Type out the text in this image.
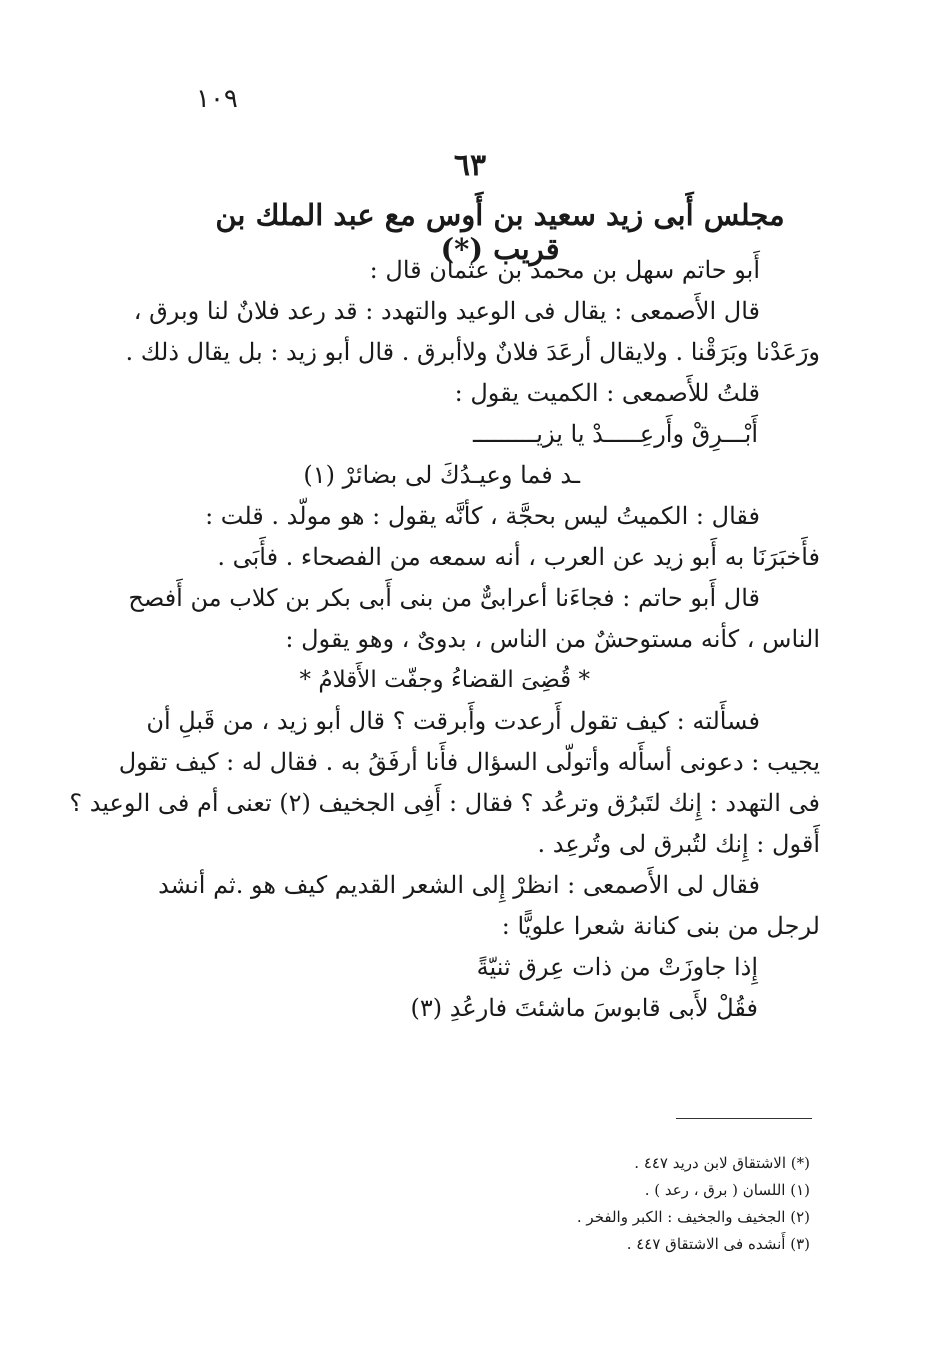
١٠٩
٦٣
مجلس أَبى زيد سعيد بن أَوس مع عبد الملك بن قريب (*)
أَبو حاتم سهل بن محمد بن عثمان قال :
قال الأَصمعى : يقال فى الوعيد والتهدد : قد رعد فلانٌ لنا وبرق ،
ورَعَدْنا وبَرَقْنا . ولايقال أرعَدَ فلانٌ ولاأبرق . قال أبو زيد : بل يقال ذلك .
قلتُ للأَصمعى : الكميت يقول :
أَبْـــرِقْ وأَرعِـــــدْ يا يزيـــــــــ
ـد فما وعيـدُكَ لى بضائرْ (١)
فقال : الكميتُ ليس بحجَّة ، كأنَّه يقول : هو مولّد . قلت :
فأَخبَرَنَا به أَبو زيد عن العرب ، أنه سمعه من الفصحاء . فأَبَى .
قال أَبو حاتم : فجاءَنا أعرابىٌّ من بنى أَبى بكر بن كلاب من أَفصح
الناس ، كأنه مستوحشٌ من الناس ، بدوىٌ ، وهو يقول :
* قُضِىَ القضاءُ وجفّت الأَقلامُ *
فسأَلته : كيف تقول أَرعدت وأَبرقت ؟ قال أبو زيد ، من قَبلِ أن
يجيب : دعونى أسأَله وأتولّى السؤال فأَنا أرفَقُ به . فقال له : كيف تقول
فى التهدد : إِنك لتَبرُق وترعُد ؟ فقال : أَفِى الجخيف (٢) تعنى أم فى الوعيد ؟
أَقول : إِنك لتُبرق لى وتُرعِد .
فقال لى الأَصمعى : انظرْ إِلى الشعر القديم كيف هو .ثم أنشد
لرجل من بنى كنانة شعرا علويًّا :
إِذا جاوزَتْ من ذات عِرق ثنيّةً
فقُلْ لأَبى قابوسَ ماشئتَ فارعُدِ (٣)
(*) الاشتقاق لابن دريد ٤٤٧ .
(١) اللسان ( برق ، رعد ) .
(٢) الجخيف والجخيف : الكبر والفخر .
(٣) أَنشده فى الاشتقاق ٤٤٧ .
